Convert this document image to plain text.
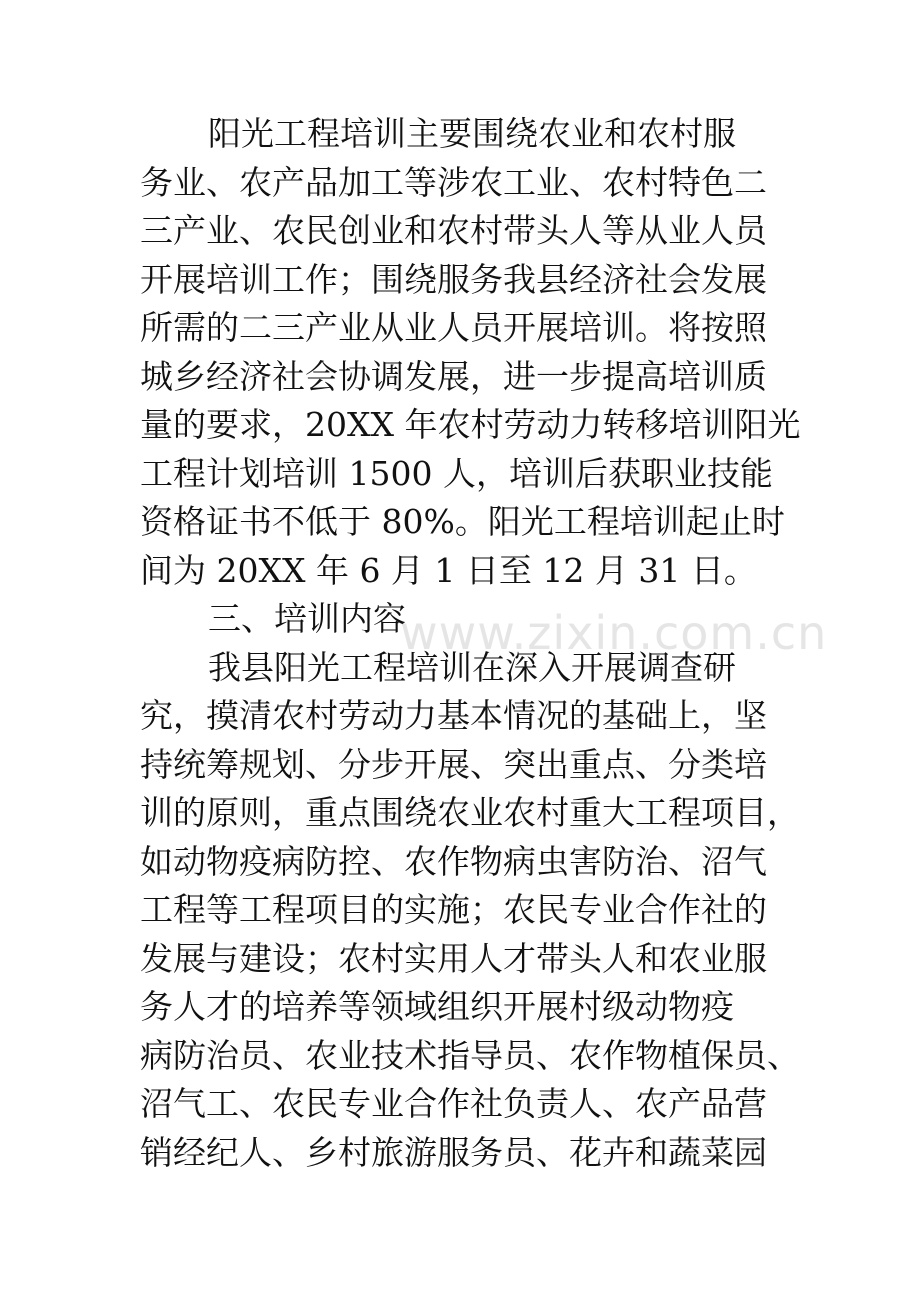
阳光工程培训主要围绕农业和农村服
务业、农产品加工等涉农工业、农村特色二
三产业、农民创业和农村带头人等从业人员
开展培训工作；围绕服务我县经济社会发展
所需的二三产业从业人员开展培训。将按照
城乡经济社会协调发展，进一步提高培训质
量的要求，20XX 年农村劳动力转移培训阳光
工程计划培训 1500 人，培训后获职业技能
资格证书不低于 80%。阳光工程培训起止时
间为 20XX 年 6 月 1 日至 12 月 31 日。
三、培训内容
我县阳光工程培训在深入开展调查研
究，摸清农村劳动力基本情况的基础上，坚
持统筹规划、分步开展、突出重点、分类培
训的原则，重点围绕农业农村重大工程项目，
如动物疫病防控、农作物病虫害防治、沼气
工程等工程项目的实施；农民专业合作社的
发展与建设；农村实用人才带头人和农业服
务人才的培养等领域组织开展村级动物疫
病防治员、农业技术指导员、农作物植保员、
沼气工、农民专业合作社负责人、农产品营
销经纪人、乡村旅游服务员、花卉和蔬菜园
www.zixin.com.cn
